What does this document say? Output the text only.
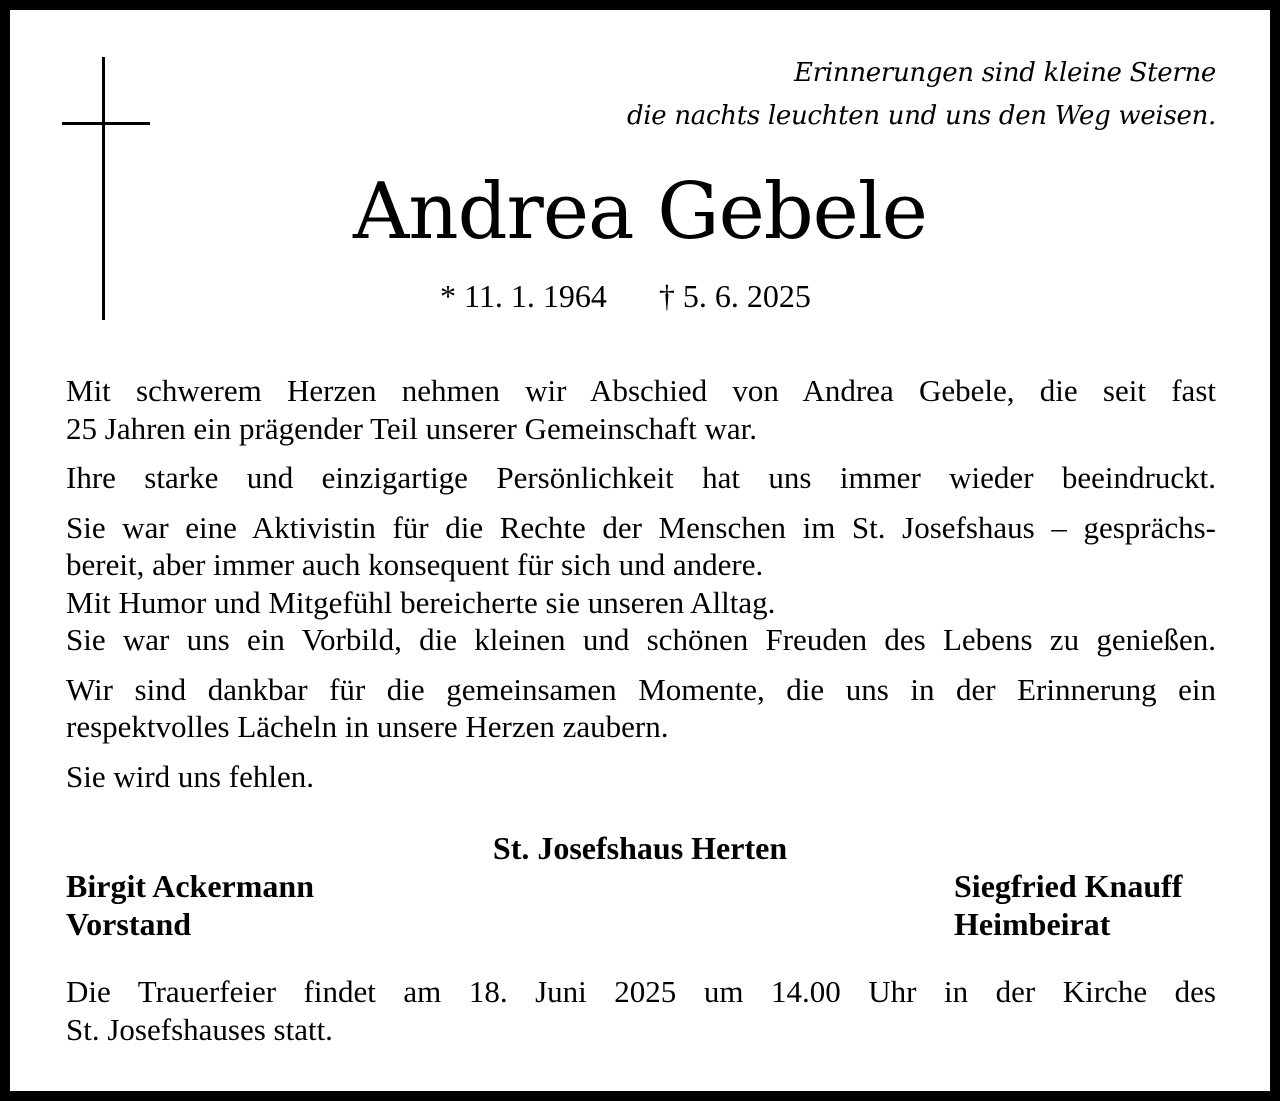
Erinnerungen sind kleine Sterne
die nachts leuchten und uns den Weg weisen.
Andrea Gebele
* 11. 1. 1964 † 5. 6. 2025

Mit schwerem Herzen nehmen wir Abschied von Andrea Gebele, die seit fast
25 Jahren ein prägender Teil unserer Gemeinschaft war.

Ihre starke und einzigartige Persönlichkeit hat uns immer wieder beeindruckt.

Sie war eine Aktivistin für die Rechte der Menschen im St. Josefshaus – gesprächs-
bereit, aber immer auch konsequent für sich und andere.
Mit Humor und Mitgefühl bereicherte sie unseren Alltag.
Sie war uns ein Vorbild, die kleinen und schönen Freuden des Lebens zu genießen.

Wir sind dankbar für die gemeinsamen Momente, die uns in der Erinnerung ein
respektvolles Lächeln in unsere Herzen zaubern.

Sie wird uns fehlen.

St. Josefshaus Herten
Birgit Ackermann
Vorstand
Siegfried Knauff
Heimbeirat
Die Trauerfeier findet am 18. Juni 2025 um 14.00 Uhr in der Kirche des
St. Josefshauses statt.
